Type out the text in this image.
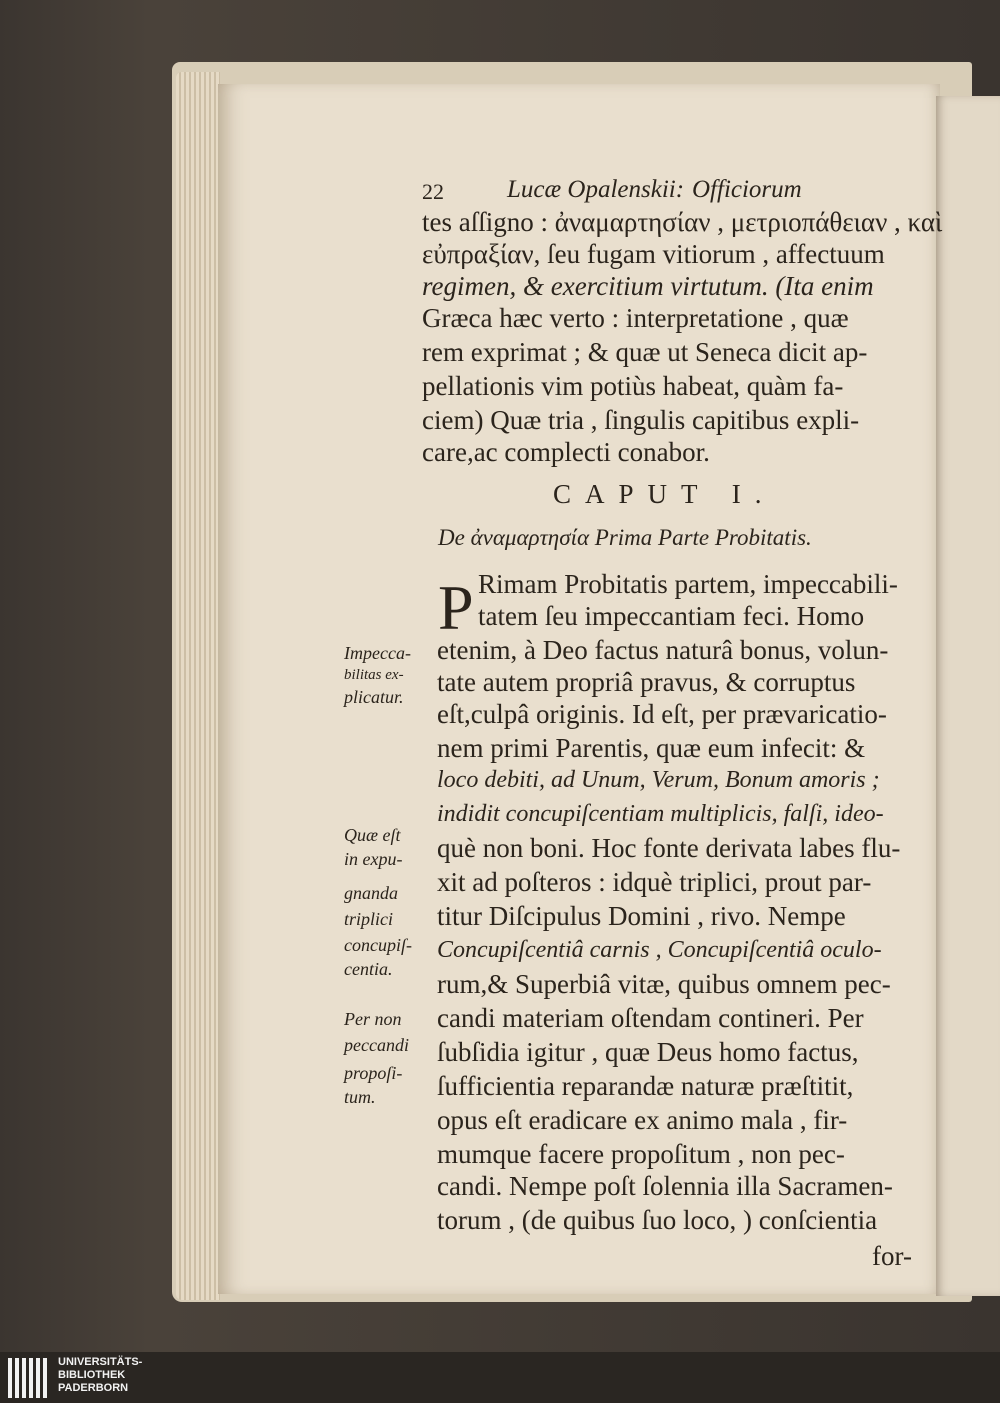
22	Lucæ Opalenskii: Officiorum
tes aſſigno : ἀναμαρτησίαν , μετριοπάθειαν , καὶ
εὐπραξίαν, ſeu fugam vitiorum , affectuum
regimen, & exercitium virtutum. (Ita enim
Græca hæc verto : interpretatione , quæ
rem exprimat ; & quæ ut Seneca dicit ap-
pellationis vim potiùs habeat, quàm fa-
ciem) Quæ tria , ſingulis capitibus expli-
care,ac complecti conabor.
CAPUT I.
De ἀναμαρτησία Prima Parte Probitatis.
P Rimam Probitatis partem, impeccabili-
tatem ſeu impeccantiam feci. Homo
etenim, à Deo factus naturâ bonus, volun-
tate autem propriâ pravus, & corruptus
eſt,culpâ originis. Id eſt, per prævaricatio-
nem primi Parentis, quæ eum infecit: &
loco debiti, ad Unum, Verum, Bonum amoris ;
indidit concupiſcentiam multiplicis, falſi, ideo-
què non boni. Hoc fonte derivata labes flu-
xit ad poſteros : idquè triplici, prout par-
titur Diſcipulus Domini , rivo. Nempe
Concupiſcentiâ carnis , Concupiſcentiâ oculo-
rum,& Superbiâ vitæ, quibus omnem pec-
candi materiam oſtendam contineri. Per
ſubſidia igitur , quæ Deus homo factus,
ſufficientia reparandæ naturæ præſtitit,
opus eſt eradicare ex animo mala , fir-
mumque facere propoſitum , non pec-
candi. Nempe poſt ſolennia illa Sacramen-
torum , (de quibus ſuo loco, ) conſcientia
for-
Impecca-
bilitas ex-
plicatur.
Quæ eſt
in expu-
gnanda
triplici
concupiſ-
centia.
Per non
peccandi
propoſi-
tum.
UNIVERSITÄTS-
BIBLIOTHEK
PADERBORN
